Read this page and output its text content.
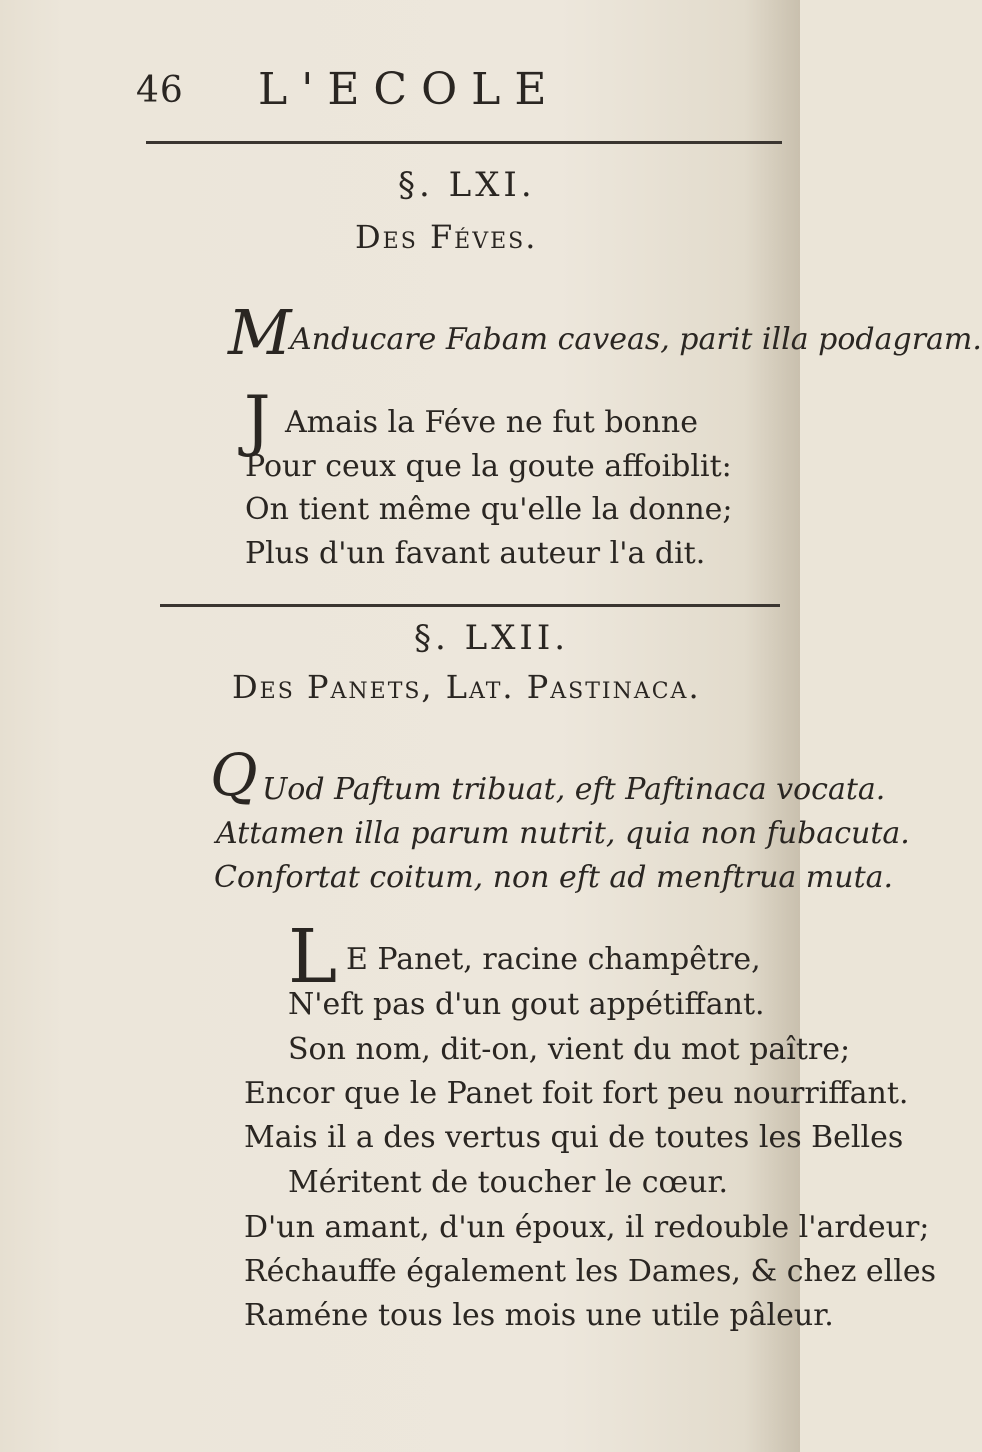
46 L'ECOLE
§. LXI.
Des Féves.
M
Anducare Fabam caveas, parit illa podagram.
J Amais la Féve ne fut bonne
Pour ceux que la goute affoiblit:
On tient même qu'elle la donne;
Plus d'un favant auteur l'a dit.
§. LXII.
Des Panets, Lat. Pastinaca.
Q Uod Paftum tribuat, eft Paftinaca vocata.
Attamen illa parum nutrit, quia non fubacuta.
Confortat coitum, non eft ad menftrua muta.
L E Panet, racine champêtre,
N'eft pas d'un gout appétiffant.
Son nom, dit-on, vient du mot paître;
Encor que le Panet foit fort peu nourriffant.
Mais il a des vertus qui de toutes les Belles
Méritent de toucher le cœur.
D'un amant, d'un époux, il redouble l'ardeur;
Réchauffe également les Dames, & chez elles
Raméne tous les mois une utile pâleur.
